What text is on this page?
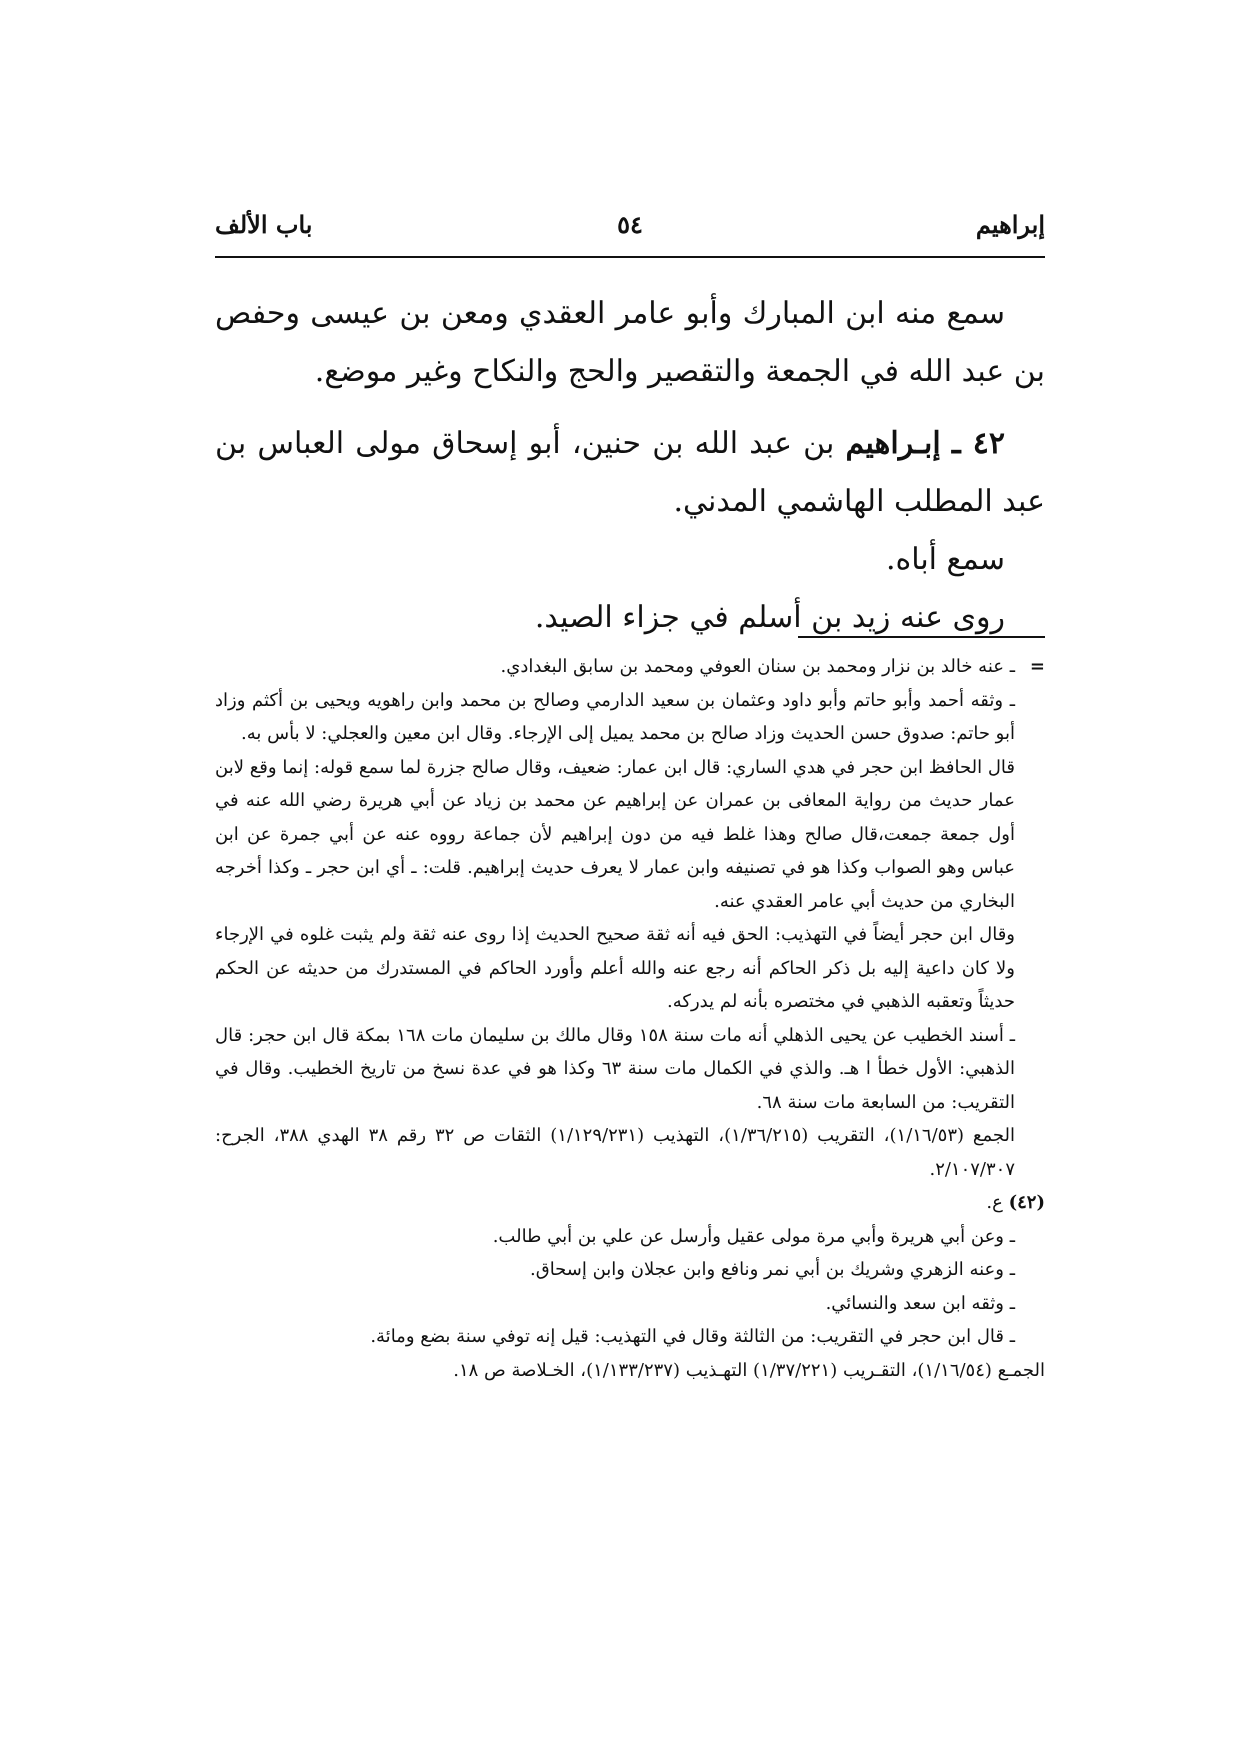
إبراهيم
٥٤
باب الألف

سمع منه ابن المبارك وأبو عامر العقدي ومعن بن عيسى وحفص بن عبد الله في الجمعة والتقصير والحج والنكاح وغير موضع.

٤٢ ـ إبـراهيم بن عبد الله بن حنين، أبو إسحاق مولى العباس بن عبد المطلب الهاشمي المدني.

سمع أباه.

روى عنه زيد بن أسلم في جزاء الصيد.

=

ـ عنه خالد بن نزار ومحمد بن سنان العوفي ومحمد بن سابق البغدادي.

ـ وثقه أحمد وأبو حاتم وأبو داود وعثمان بن سعيد الدارمي وصالح بن محمد وابن راهويه ويحيى بن أكثم وزاد أبو حاتم: صدوق حسن الحديث وزاد صالح بن محمد يميل إلى الإرجاء. وقال ابن معين والعجلي: لا بأس به.

قال الحافظ ابن حجر في هدي الساري: قال ابن عمار: ضعيف، وقال صالح جزرة لما سمع قوله: إنما وقع لابن عمار حديث من رواية المعافى بن عمران عن إبراهيم عن محمد بن زياد عن أبي هريرة رضي الله عنه في أول جمعة جمعت،قال صالح وهذا غلط فيه من دون إبراهيم لأن جماعة رووه عنه عن أبي جمرة عن ابن عباس وهو الصواب وكذا هو في تصنيفه وابن عمار لا يعرف حديث إبراهيم. قلت: ـ أي ابن حجر ـ وكذا أخرجه البخاري من حديث أبي عامر العقدي عنه.

وقال ابن حجر أيضاً في التهذيب: الحق فيه أنه ثقة صحيح الحديث إذا روى عنه ثقة ولم يثبت غلوه في الإرجاء ولا كان داعية إليه بل ذكر الحاكم أنه رجع عنه والله أعلم وأورد الحاكم في المستدرك من حديثه عن الحكم حديثاً وتعقبه الذهبي في مختصره بأنه لم يدركه.

ـ أسند الخطيب عن يحيى الذهلي أنه مات سنة ١٥٨ وقال مالك بن سليمان مات ١٦٨ بمكة قال ابن حجر: قال الذهبي: الأول خطأ ا هـ. والذي في الكمال مات سنة ٦٣ وكذا هو في عدة نسخ من تاريخ الخطيب. وقال في التقريب: من السابعة مات سنة ٦٨.

الجمع (١/١٦/٥٣)، التقريب (١/٣٦/٢١٥)، التهذيب (١/١٢٩/٢٣١) الثقات ص ٣٢ رقم ٣٨ الهدي ٣٨٨، الجرح: ٢/١٠٧/٣٠٧.

(٤٢) ع.

ـ وعن أبي هريرة وأبي مرة مولى عقيل وأرسل عن علي بن أبي طالب.

ـ وعنه الزهري وشريك بن أبي نمر ونافع وابن عجلان وابن إسحاق.

ـ وثقه ابن سعد والنسائي.

ـ قال ابن حجر في التقريب: من الثالثة وقال في التهذيب: قيل إنه توفي سنة بضع ومائة.

الجمـع (١/١٦/٥٤)، التقـريب (١/٣٧/٢٢١) التهـذيب (١/١٣٣/٢٣٧)، الخـلاصة ص ١٨.
